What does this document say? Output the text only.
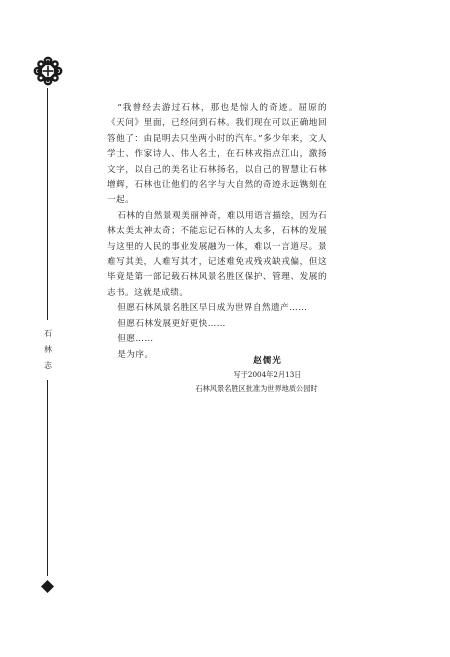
石
林
志

“我曾经去游过石林，那也是惊人的奇迹。屈原的《天问》里面，已经问到石林。我们现在可以正确地回答他了：由昆明去只坐两小时的汽车。”多少年来，文人学士、作家诗人、伟人名士，在石林戎指点江山，激扬文字，以自己的美名让石林扬名，以自己的智慧让石林增辉，石林也让他们的名字与大自然的奇迹永远镌刻在一起。

石林的自然景观美丽神奇，难以用语言描绘，因为石林太美太神太奇；不能忘记石林的人太多，石林的发展与这里的人民的事业发展融为一体，难以一言道尽。景难写其美，人难写其才，记述难免戎残戎缺戎偏，但这毕竟是第一部记载石林风景名胜区保护、管理、发展的志书。这就是成绩。

但愿石林风景名胜区早日成为世界自然遗产……

但愿石林发展更好更快……

但愿……

是为序。

赵儒光
写于2004年2月13日
石林风景名胜区批准为世界地质公园时
